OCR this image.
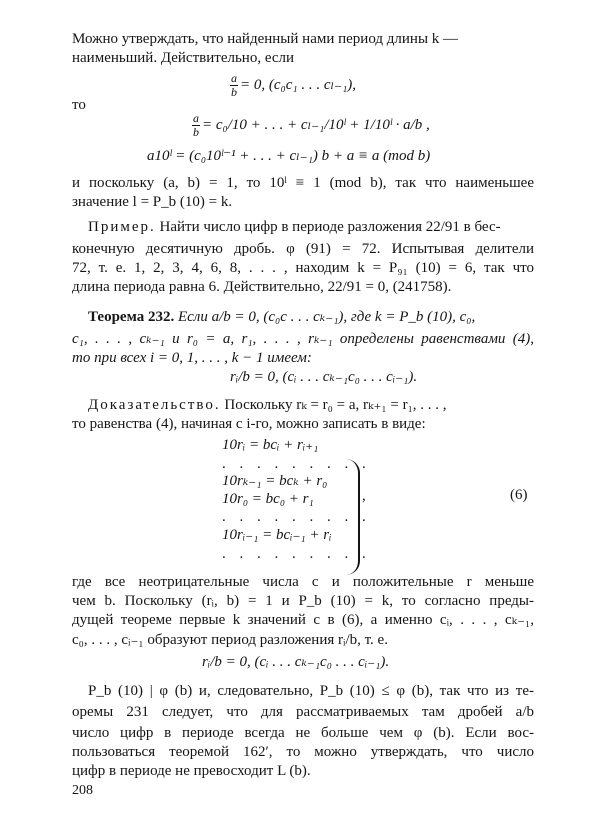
Можно утверждать, что найденный нами период длины k —
наименьший. Действительно, если
$\frac{a}{b} = 0$, (c₀c₁ . . . cₗ₋₁),
то
$\frac{a}{b} = c_0/10$ + . . . + cₗ₋₁/10ˡ + 1/10ˡ · a/b ,
a10ˡ = (c₀10ˡ⁻¹ + . . . + cₗ₋₁) b + a ≡ a (mod b)
и поскольку (a, b) = 1, то 10ˡ ≡ 1 (mod b), так что наименьшее
значение l = P_b (10) = k.
Пример. Найти число цифр в периоде разложения 22/91 в бес-
конечную десятичную дробь. φ (91) = 72. Испытывая делители
72, т. е. 1, 2, 3, 4, 6, 8, . . . , находим k = P₉₁ (10) = 6, так что
длина периода равна 6. Действительно, 22/91 = 0, (241758).
Теорема 232. Если a/b = 0, (c₀c . . . cₖ₋₁), где k = P_b (10), c₀,
c₁, . . . , cₖ₋₁ и r₀ = a, r₁, . . . , rₖ₋₁ определены равенствами (4),
то при всех i = 0, 1, . . . , k − 1 имеем:
rᵢ/b = 0, (cᵢ . . . cₖ₋₁c₀ . . . cᵢ₋₁).
Доказательство. Поскольку rₖ = r₀ = a, rₖ₊₁ = r₁, . . . ,
то равенства (4), начиная с i-го, можно записать в виде:
10rᵢ = bcᵢ + rᵢ₊₁
. . . . . . . . .
10rₖ₋₁ = bcₖ + r₀
10r₀ = bc₀ + r₁
. . . . . . . . .
10rᵢ₋₁ = bcᵢ₋₁ + rᵢ
. . . . . . . . .
,	(6)
где все неотрицательные числа c и положительные r меньше
чем b. Поскольку (rᵢ, b) = 1 и P_b (10) = k, то согласно преды-
дущей теореме первые k значений c в (6), а именно cᵢ, . . . , cₖ₋₁,
c₀, . . . , cᵢ₋₁ образуют период разложения rᵢ/b, т. е.
rᵢ/b = 0, (cᵢ . . . cₖ₋₁c₀ . . . cᵢ₋₁).
P_b (10) | φ (b) и, следовательно, P_b (10) ≤ φ (b), так что из те-
оремы 231 следует, что для рассматриваемых там дробей a/b
число цифр в периоде всегда не больше чем φ (b). Если вос-
пользоваться теоремой 162′, то можно утверждать, что число
цифр в периоде не превосходит L (b).
208
